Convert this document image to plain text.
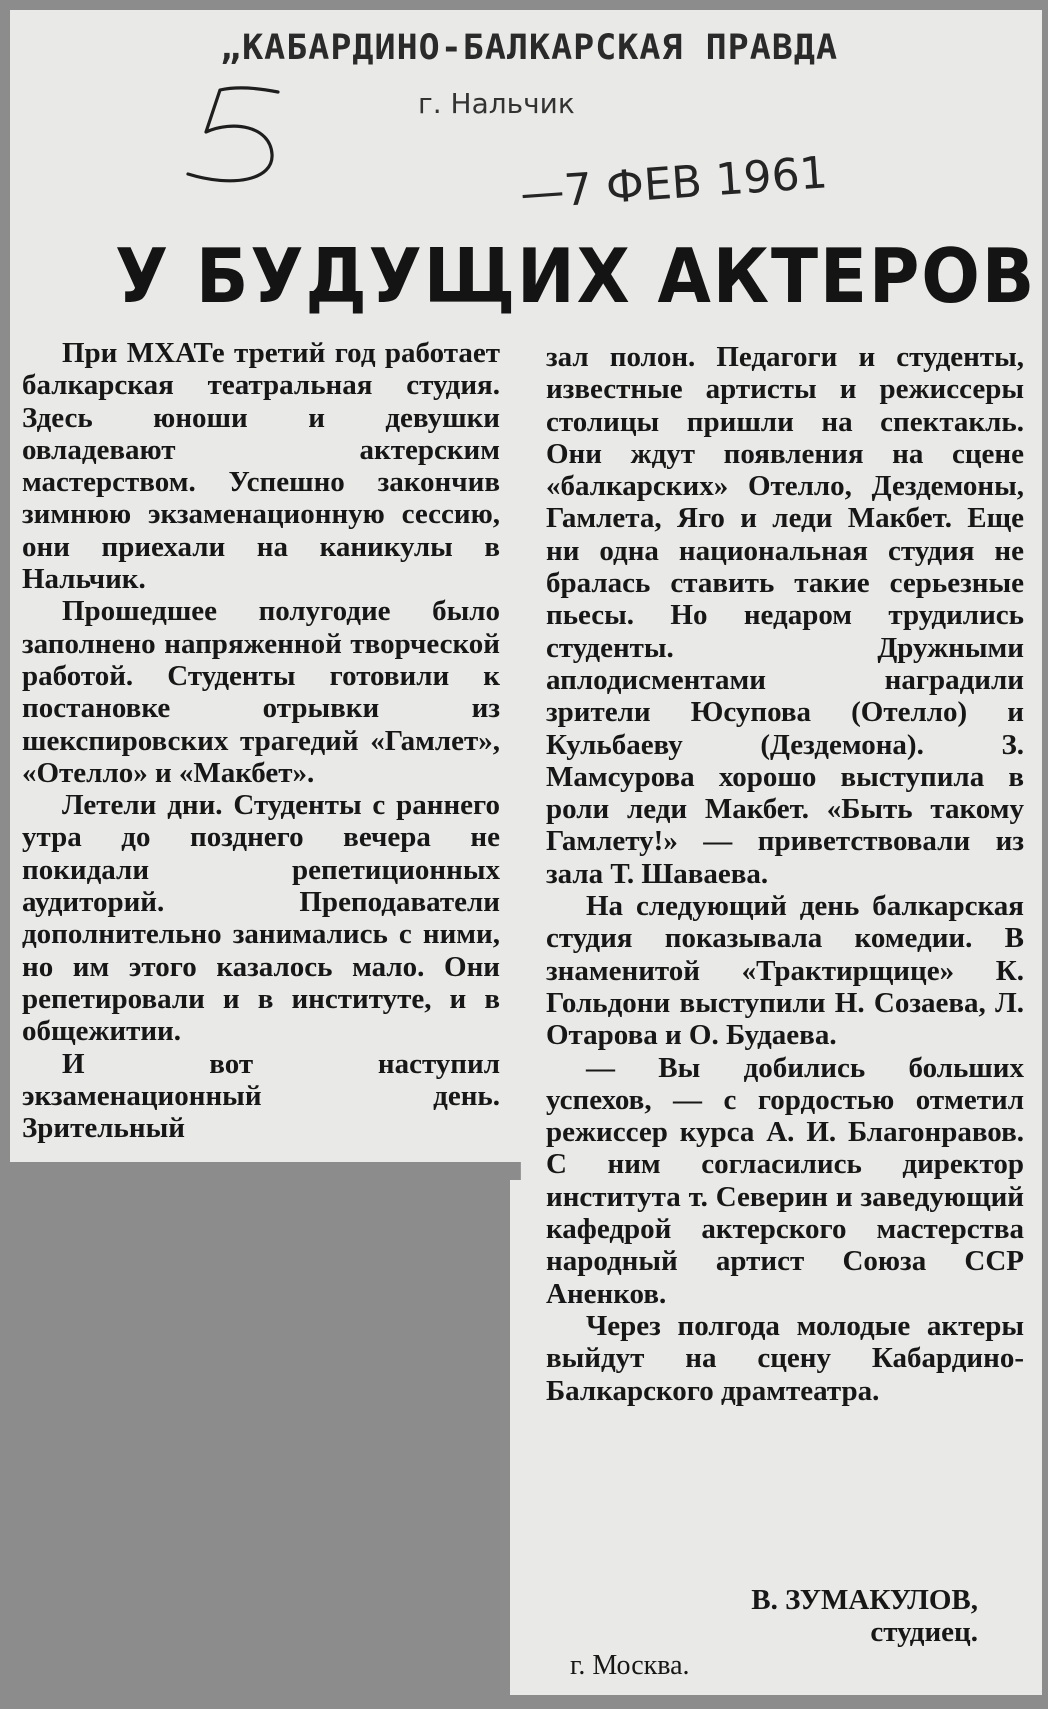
„КАБАРДИНО-БАЛКАРСКАЯ ПРАВДА
г. Нальчик
—7 ФЕВ 1961
У БУДУЩИХ АКТЕРОВ

При МХАТе третий год работает балкарская театральная студия. Здесь юноши и девушки овладевают актерским мастерством. Успешно закончив зимнюю экзаменационную сессию, они приехали на каникулы в Нальчик.

Прошедшее полугодие было заполнено напряженной творческой работой. Студенты готовили к постановке отрывки из шекспировских трагедий «Гамлет», «Отелло» и «Макбет».

Летели дни. Студенты с раннего утра до позднего вечера не покидали репетиционных аудиторий. Преподаватели дополнительно занимались с ними, но им этого казалось мало. Они репетировали и в институте, и в общежитии.

И вот наступил экзаменационный день. Зрительный

зал полон. Педагоги и студенты, известные артисты и режиссеры столицы пришли на спектакль. Они ждут появления на сцене «балкарских» Отелло, Дездемоны, Гамлета, Яго и леди Макбет. Еще ни одна национальная студия не бралась ставить такие серьезные пьесы. Но недаром трудились студенты. Дружными аплодисментами наградили зрители Юсупова (Отелло) и Кульбаеву (Дездемона). З. Мамсурова хорошо выступила в роли леди Макбет. «Быть такому Гамлету!» — приветствовали из зала Т. Шаваева.

На следующий день балкарская студия показывала комедии. В знаменитой «Трактирщице» К. Гольдони выступили Н. Созаева, Л. Отарова и О. Будаева.

— Вы добились больших успехов, — с гордостью отметил режиссер курса А. И. Благонравов. С ним согласились директор института т. Северин и заведующий кафедрой актерского мастерства народный артист Союза ССР Аненков.

Через полгода молодые актеры выйдут на сцену Кабардино-Балкарского драмтеатра.

В. ЗУМАКУЛОВ,
студиец.
г. Москва.
